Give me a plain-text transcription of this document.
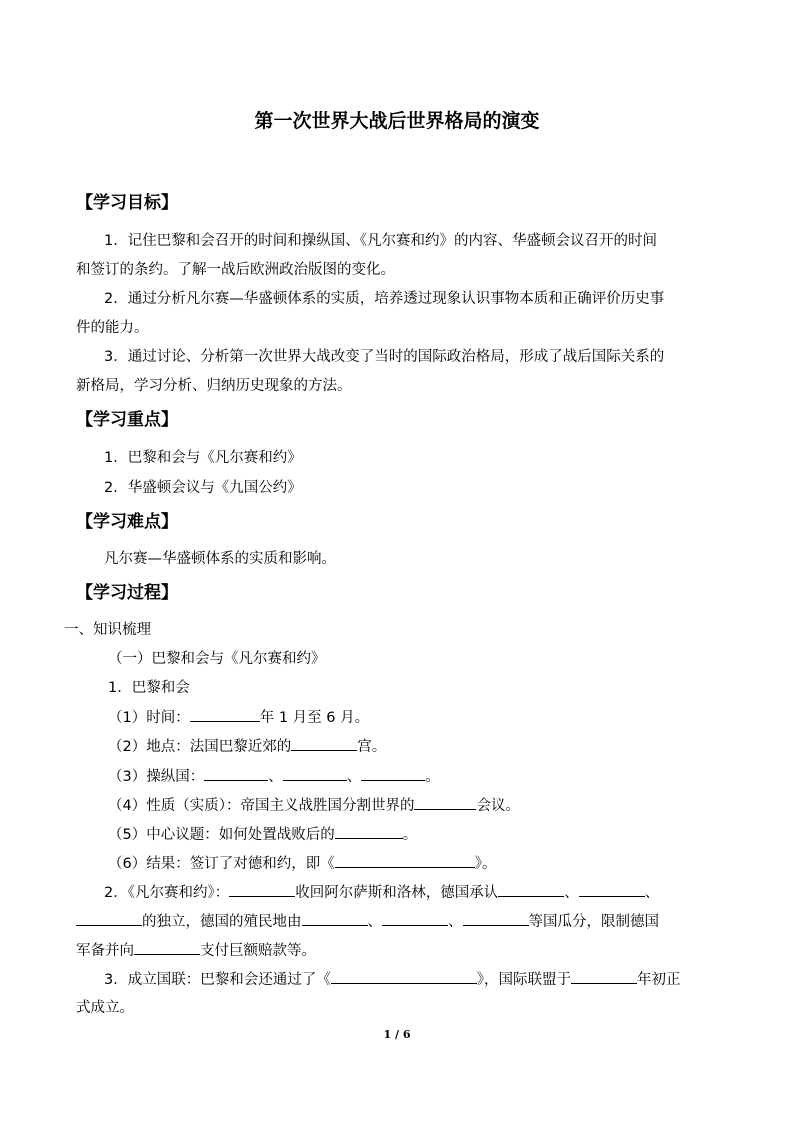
第一次世界大战后世界格局的演变
【学习目标】
1．记住巴黎和会召开的时间和操纵国、《凡尔赛和约》的内容、华盛顿会议召开的时间
和签订的条约。了解一战后欧洲政治版图的变化。
2．通过分析凡尔赛—华盛顿体系的实质，培养透过现象认识事物本质和正确评价历史事
件的能力。
3．通过讨论、分析第一次世界大战改变了当时的国际政治格局，形成了战后国际关系的
新格局，学习分析、归纳历史现象的方法。
【学习重点】
1．巴黎和会与《凡尔赛和约》
2．华盛顿会议与《九国公约》
【学习难点】
凡尔赛—华盛顿体系的实质和影响。
【学习过程】
一、知识梳理
（一）巴黎和会与《凡尔赛和约》
1．巴黎和会
（1）时间：	年 1 月至 6 月。
（2）地点：法国巴黎近郊的	宫。
（3）操纵国：	、	、	。
（4）性质（实质）：帝国主义战胜国分割世界的	会议。
（5）中心议题：如何处置战败后的	。
（6）结果：签订了对德和约，即《	》。
2．《凡尔赛和约》：	收回阿尔萨斯和洛林，德国承认	、	、
的独立，德国的殖民地由	、	、	等国瓜分，限制德国
军备并向	支付巨额赔款等。
3．成立国联：巴黎和会还通过了《	》，国际联盟于	年初正
式成立。
1 / 6
